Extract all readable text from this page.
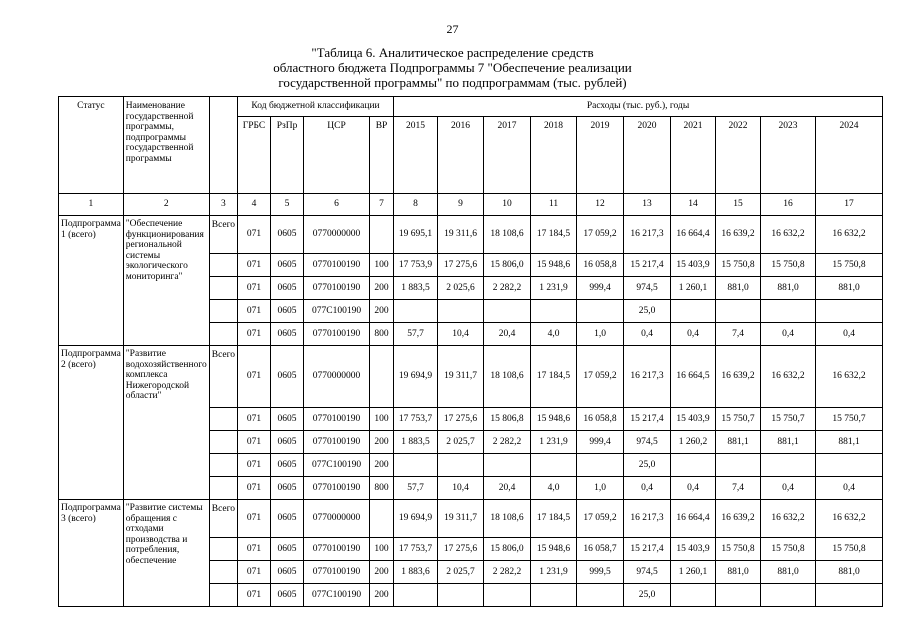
27
"Таблица 6. Аналитическое распределение средств
областного бюджета Подпрограммы 7 "Обеспечение реализации
государственной программы" по подпрограммам (тыс. рублей)
Статус	Наименование государственной программы, подпрограммы государственной программы		Код бюджетной классификации				Расходы (тыс. руб.), годы									
			ГРБС	РзПр	ЦСР	ВР	2015	2016	2017	2018	2019	2020	2021	2022	2023	2024
1	2	3	4	5	6	7	8	9	10	11	12	13	14	15	16	17
Подпрограмма 1 (всего)	"Обеспечение функционирования региональной системы экологического мониторинга"	Всего	071	0605	0770000000		19 695,1	19 311,6	18 108,6	17 184,5	17 059,2	16 217,3	16 664,4	16 639,2	16 632,2	16 632,2
			071	0605	0770100190	100	17 753,9	17 275,6	15 806,0	15 948,6	16 058,8	15 217,4	15 403,9	15 750,8	15 750,8	15 750,8
			071	0605	0770100190	200	1 883,5	2 025,6	2 282,2	1 231,9	999,4	974,5	1 260,1	881,0	881,0	881,0
			071	0605	077C100190	200						25,0				
			071	0605	0770100190	800	57,7	10,4	20,4	4,0	1,0	0,4	0,4	7,4	0,4	0,4
Подпрограмма 2 (всего)	"Развитие водохозяйственного комплекса Нижегородской области"	Всего	071	0605	0770000000		19 694,9	19 311,7	18 108,6	17 184,5	17 059,2	16 217,3	16 664,5	16 639,2	16 632,2	16 632,2
			071	0605	0770100190	100	17 753,7	17 275,6	15 806,8	15 948,6	16 058,8	15 217,4	15 403,9	15 750,7	15 750,7	15 750,7
			071	0605	0770100190	200	1 883,5	2 025,7	2 282,2	1 231,9	999,4	974,5	1 260,2	881,1	881,1	881,1
			071	0605	077C100190	200						25,0				
			071	0605	0770100190	800	57,7	10,4	20,4	4,0	1,0	0,4	0,4	7,4	0,4	0,4
Подпрограмма 3 (всего)	"Развитие системы обращения с отходами производства и потребления, обеспечение	Всего	071	0605	0770000000		19 694,9	19 311,7	18 108,6	17 184,5	17 059,2	16 217,3	16 664,4	16 639,2	16 632,2	16 632,2
			071	0605	0770100190	100	17 753,7	17 275,6	15 806,0	15 948,6	16 058,7	15 217,4	15 403,9	15 750,8	15 750,8	15 750,8
			071	0605	0770100190	200	1 883,6	2 025,7	2 282,2	1 231,9	999,5	974,5	1 260,1	881,0	881,0	881,0
			071	0605	077C100190	200						25,0				
